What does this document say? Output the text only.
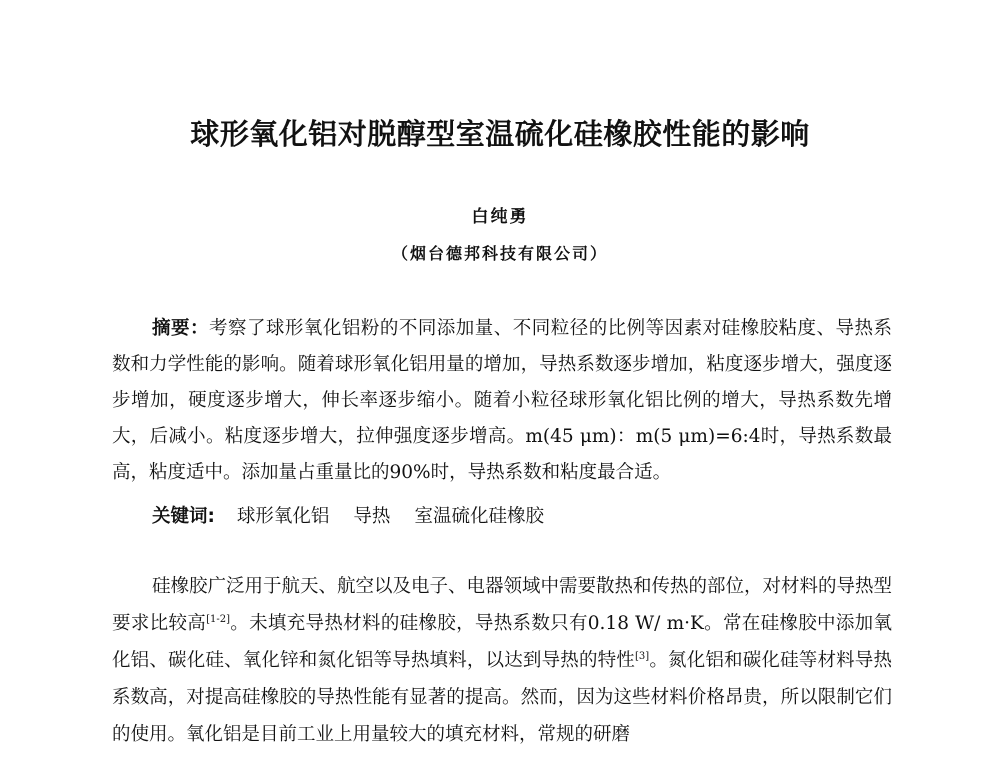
球形氧化铝对脱醇型室温硫化硅橡胶性能的影响
白纯勇
（烟台德邦科技有限公司）

摘要：考察了球形氧化铝粉的不同添加量、不同粒径的比例等因素对硅橡胶粘度、导热系数和力学性能的影响。随着球形氧化铝用量的增加，导热系数逐步增加，粘度逐步增大，强度逐步增加，硬度逐步增大，伸长率逐步缩小。随着小粒径球形氧化铝比例的增大，导热系数先增大，后减小。粘度逐步增大，拉伸强度逐步增高。m(45 μm)：m(5 μm)=6:4时，导热系数最高，粘度适中。添加量占重量比的90%时，导热系数和粘度最合适。

关键词: 球形氧化铝 导热 室温硫化硅橡胶

硅橡胶广泛用于航天、航空以及电子、电器领域中需要散热和传热的部位，对材料的导热型要求比较高[1-2]。未填充导热材料的硅橡胶，导热系数只有0.18 W/ m·K。常在硅橡胶中添加氧化铝、碳化硅、氧化锌和氮化铝等导热填料，以达到导热的特性[3]。氮化铝和碳化硅等材料导热系数高，对提高硅橡胶的导热性能有显著的提高。然而，因为这些材料价格昂贵，所以限制它们的使用。氧化铝是目前工业上用量较大的填充材料，常规的研磨
